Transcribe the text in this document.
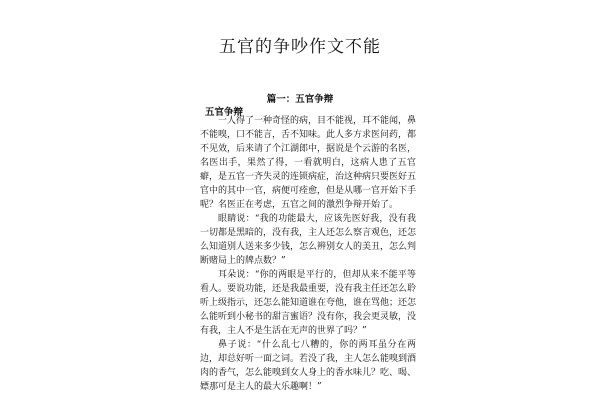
五官的争吵作文不能
篇一：五官争辩
五官争辩

一人得了一种奇怪的病，目不能视，耳不能闻，鼻不能嗅，口不能言，舌不知味。此人多方求医问药，都不见效，后来请了个江湖郎中，据说是个云游的名医，名医出手，果然了得，一看就明白，这病人患了五官癖，是五官一齐失灵的连锁病症，治这种病只要医好五官中的其中一官，病便可痊愈，但是从哪一官开始下手呢？名医正在考虑，五官之间的激烈争辩开始了。

眼睛说：“我的功能最大，应该先医好我，没有我一切都是黑暗的，没有我，主人还怎么察言观色，还怎么知道别人送来多少钱，怎么辨别女人的美丑，怎么判断赌局上的牌点数？”

耳朵说：“你的两眼是平行的，但却从来不能平等看人。要说功能，还是我最重要，没有我主任还怎么聆听上级指示，还怎么能知道谁在夸他，谁在骂他；还怎么能听到小秘书的甜言蜜语？没有你，我会更灵敏，没有我，主人不是生活在无声的世界了吗？”

鼻子说：“什么乱七八糟的，你的两耳虽分在两边，却总好听一面之词。若没了我，主人怎么能嗅到酒肉的香气，怎么能嗅到女人身上的香水味儿？吃、喝、嫖那可是主人的最大乐趣啊！”
